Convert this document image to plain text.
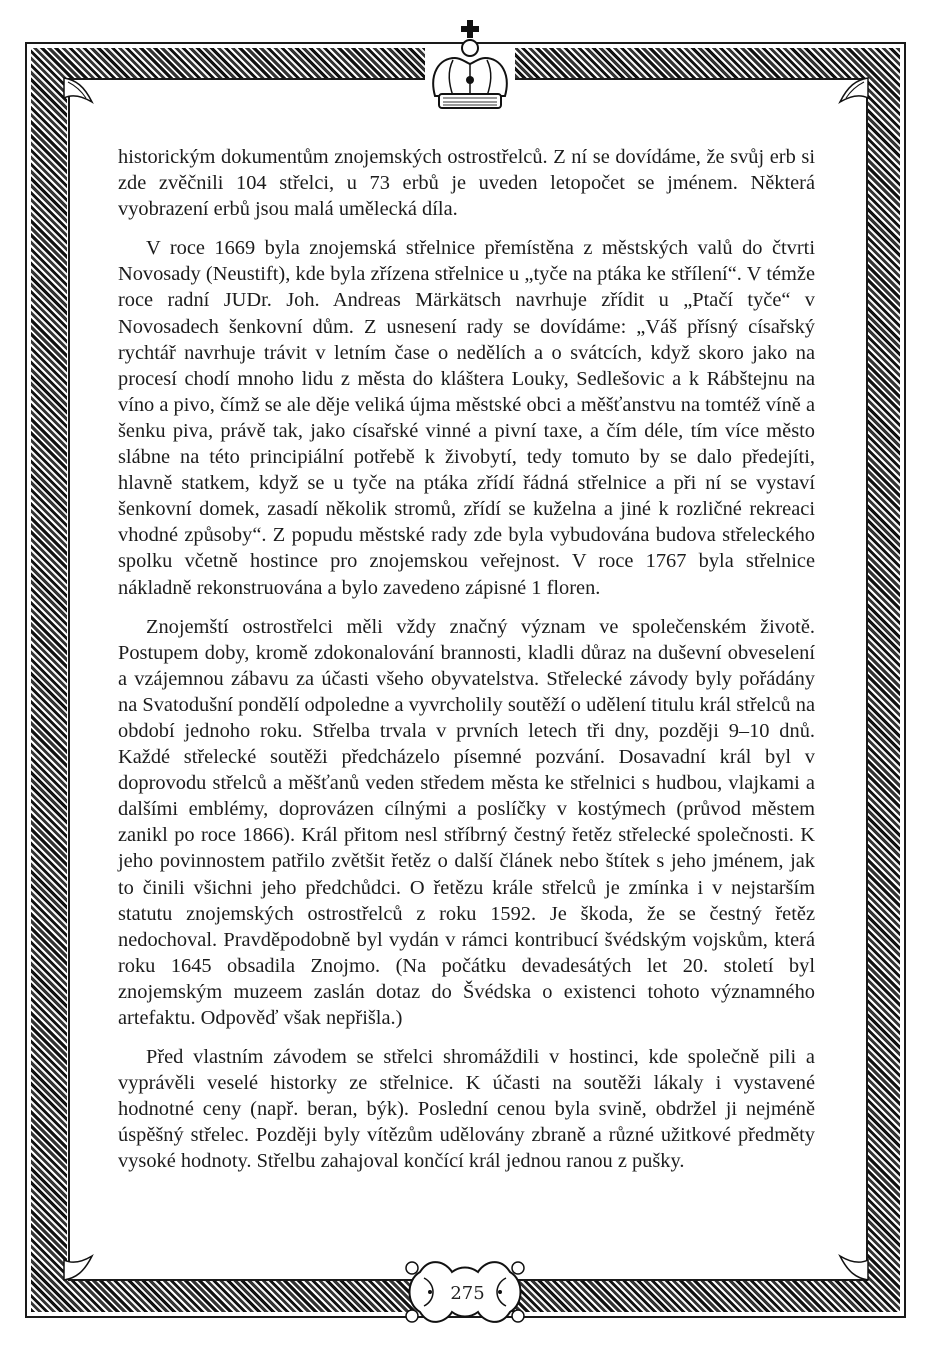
275

historickým dokumentům znojemských ostrostřelců. Z ní se dovídáme, že svůj erb si zde zvěčnili 104 střelci, u 73 erbů je uveden letopočet se jménem. Některá vyobrazení erbů jsou malá umělecká díla.

V roce 1669 byla znojemská střelnice přemístěna z městských valů do čtvrti Novosady (Neustift), kde byla zřízena střelnice u „tyče na ptáka ke střílení“. V témže roce radní JUDr. Joh. Andreas Märkätsch navrhuje zřídit u „Ptačí tyče“ v Novosadech šenkovní dům. Z usnesení rady se dovídáme: „Váš přísný císařský rychtář navrhuje trávit v letním čase o nedělích a o svátcích, když skoro jako na procesí chodí mnoho lidu z města do kláštera Louky, Sedlešovic a k Rábštejnu na víno a pivo, čímž se ale děje veliká újma městské obci a měšťanstvu na tomtéž víně a šenku piva, právě tak, jako císařské vinné a pivní taxe, a čím déle, tím více město slábne na této principiální potřebě k živobytí, tedy tomuto by se dalo předejíti, hlavně statkem, když se u tyče na ptáka zřídí řádná střelnice a při ní se vystaví šenkovní domek, zasadí několik stromů, zřídí se kuželna a jiné k rozličné rekreaci vhodné způsoby“. Z popudu městské rady zde byla vybudována budova střeleckého spolku včetně hostince pro znojemskou veřejnost. V roce 1767 byla střelnice nákladně rekonstruována a bylo zavedeno zápisné 1 floren.

Znojemští ostrostřelci měli vždy značný význam ve společenském životě. Postupem doby, kromě zdokonalování brannosti, kladli důraz na duševní obveselení a vzájemnou zábavu za účasti všeho obyvatelstva. Střelecké závody byly pořádány na Svatodušní pondělí odpoledne a vyvrcholily soutěží o udělení titulu král střelců na období jednoho roku. Střelba trvala v prvních letech tři dny, později 9–10 dnů. Každé střelecké soutěži předcházelo písemné pozvání. Dosavadní král byl v doprovodu střelců a měšťanů veden středem města ke střelnici s hudbou, vlajkami a dalšími emblémy, doprovázen cílnými a poslíčky v kostýmech (průvod městem zanikl po roce 1866). Král přitom nesl stříbrný čestný řetěz střelecké společnosti. K jeho povinnostem patřilo zvětšit řetěz o další článek nebo štítek s jeho jménem, jak to činili všichni jeho předchůdci. O řetězu krále střelců je zmínka i v nejstarším statutu znojemských ostrostřelců z roku 1592. Je škoda, že se čestný řetěz nedochoval. Pravděpodobně byl vydán v rámci kontribucí švédským vojskům, která roku 1645 obsadila Znojmo. (Na počátku devadesátých let 20. století byl znojemským muzeem zaslán dotaz do Švédska o existenci tohoto významného artefaktu. Odpověď však nepřišla.)

Před vlastním závodem se střelci shromáždili v hostinci, kde společně pili a vyprávěli veselé historky ze střelnice. K účasti na soutěži lákaly i vystavené hodnotné ceny (např. beran, býk). Poslední cenou byla svině, obdržel ji nejméně úspěšný střelec. Později byly vítězům udělovány zbraně a různé užitkové předměty vysoké hodnoty. Střelbu zahajoval končící král jednou ranou z pušky.
